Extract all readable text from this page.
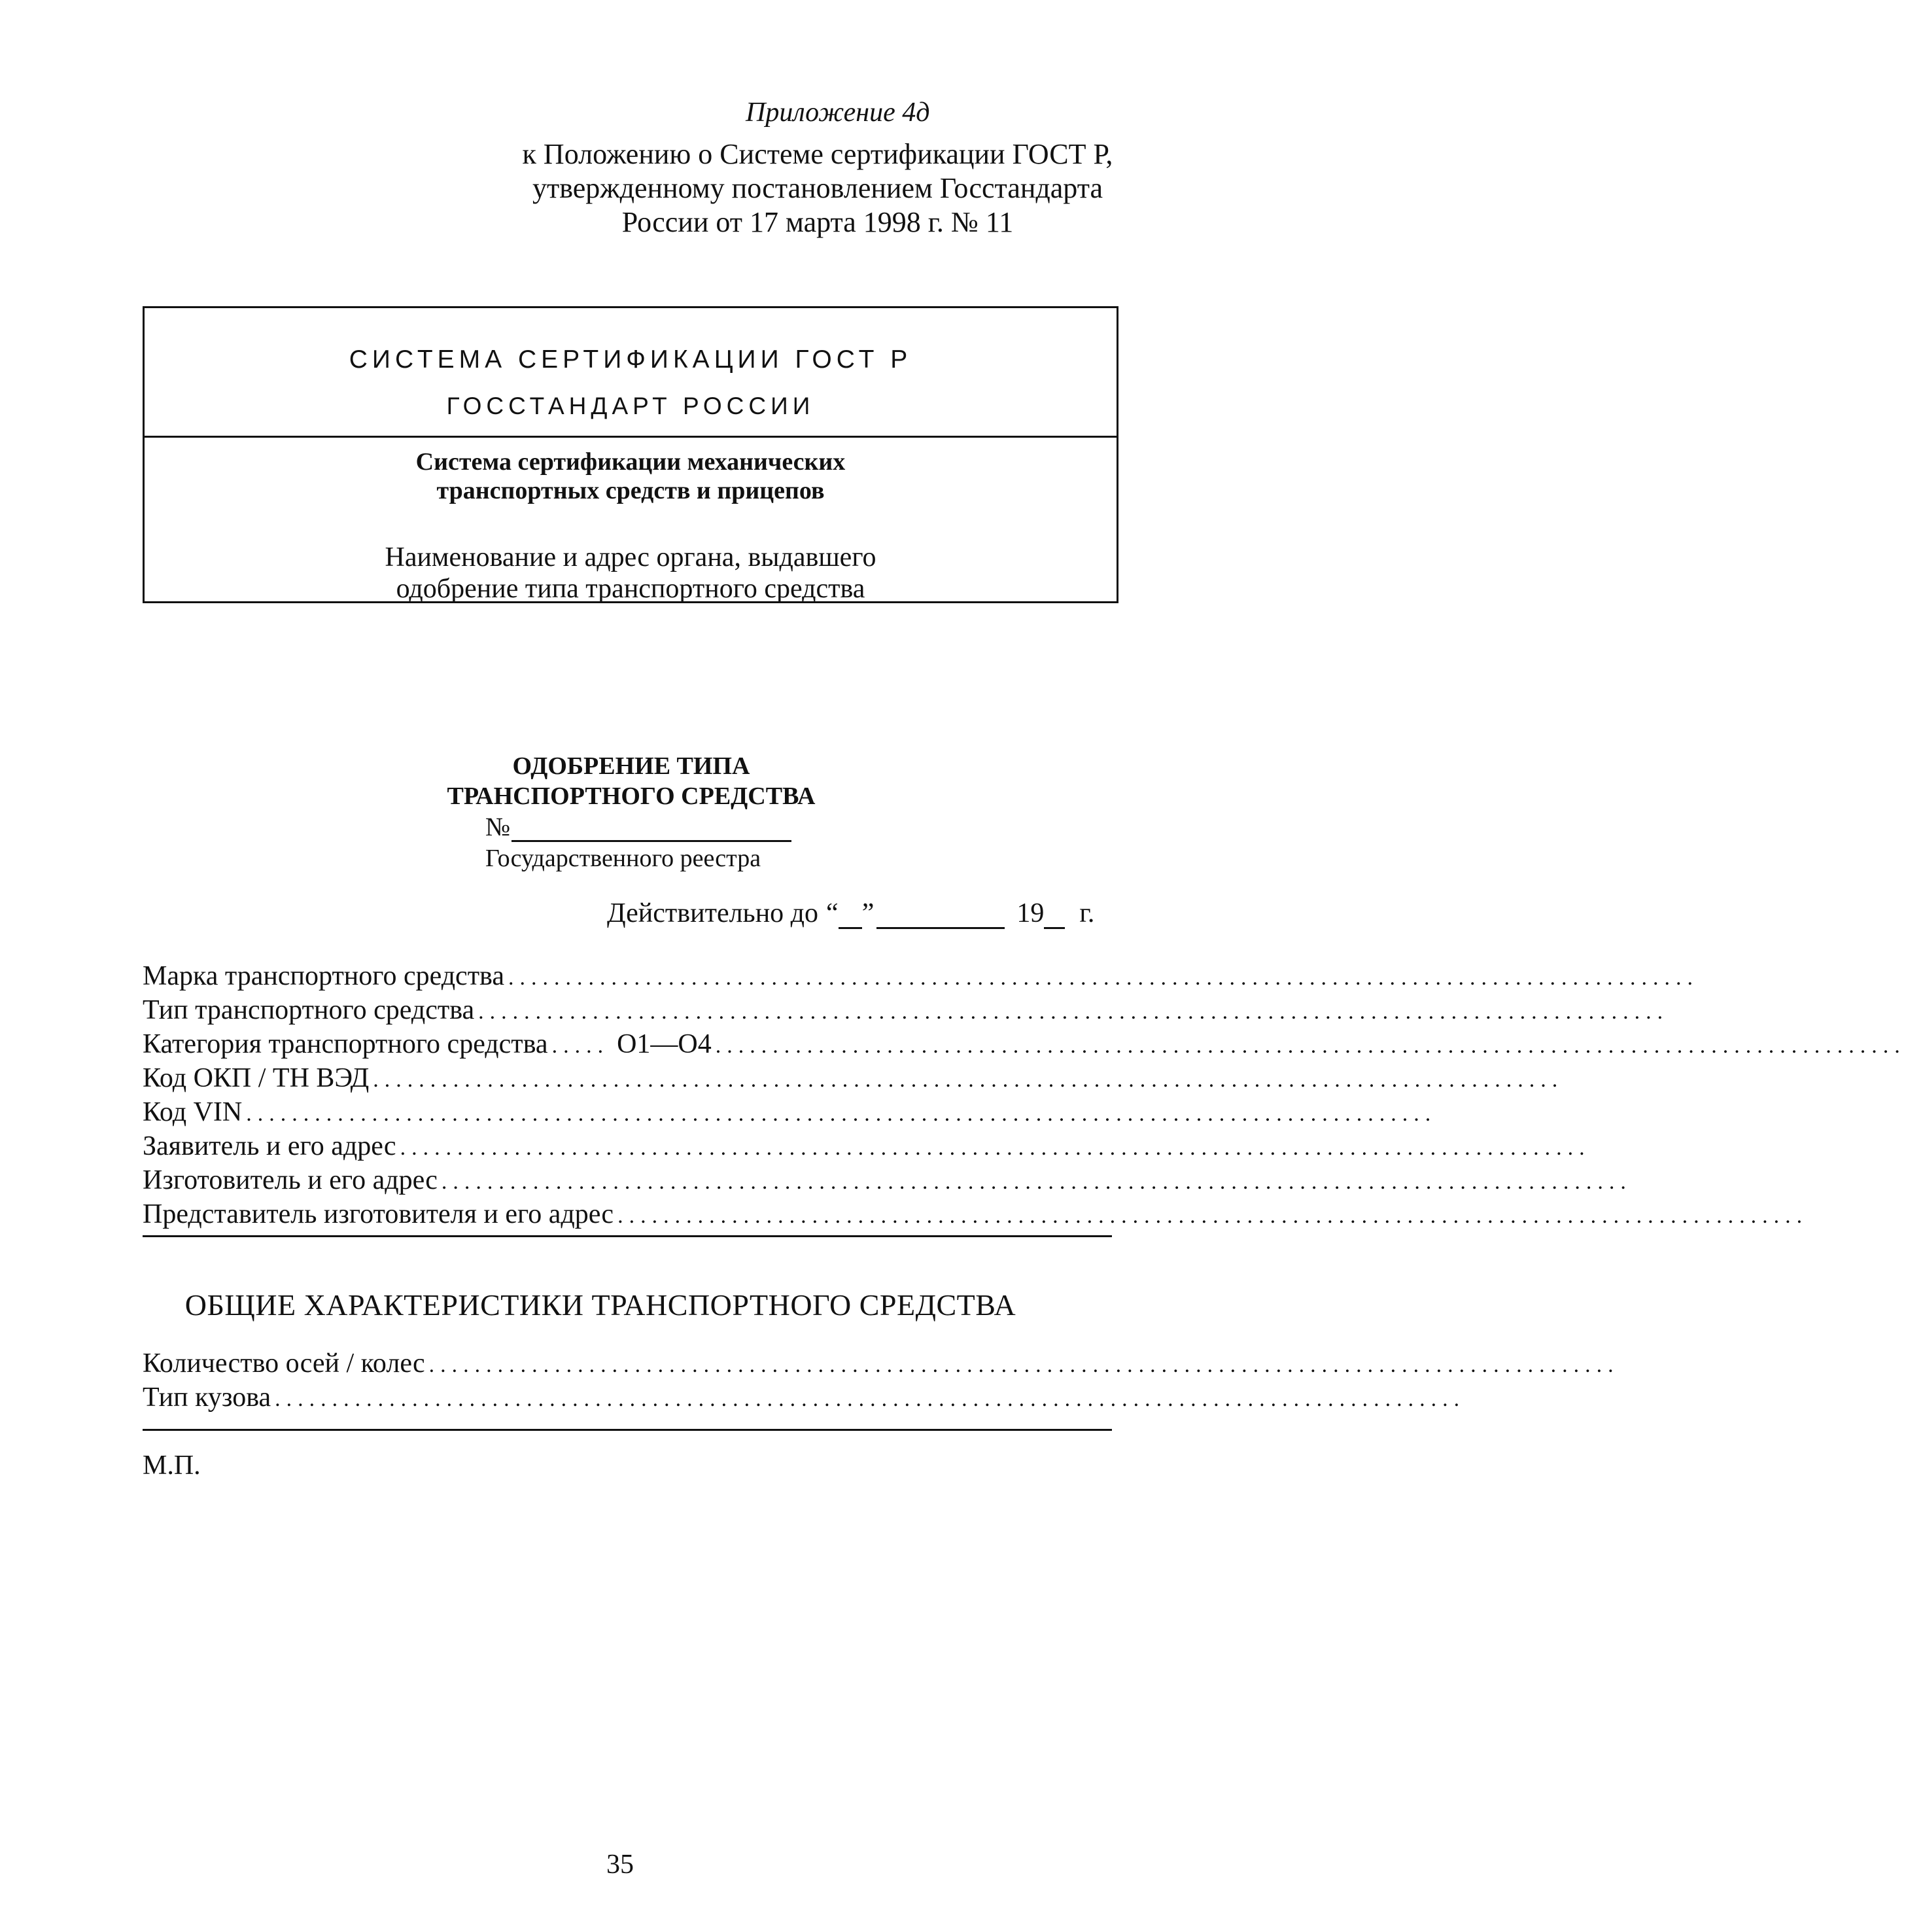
Приложение 4д
к Положению о Системе сертификации ГОСТ Р,
утвержденному постановлением Госстандарта
России от 17 марта 1998 г. № 11
СИСТЕМА СЕРТИФИКАЦИИ ГОСТ Р
ГОССТАНДАРТ РОССИИ
Система сертификации механических
транспортных средств и прицепов
Наименование и адрес органа, выдавшего
одобрение типа транспортного средства
ОДОБРЕНИЕ ТИПА
ТРАНСПОРТНОГО СРЕДСТВА
№
Государственного реестра
Действительно до “ ”	19 г.
Марка транспортного средства ........................................................................................................
Тип транспортного средства ........................................................................................................
Категория транспортного средства ..... O1—O4 ........................................................................................................
Код ОКП / ТН ВЭД ........................................................................................................
Код VIN ........................................................................................................
Заявитель и его адрес ........................................................................................................
Изготовитель и его адрес ........................................................................................................
Представитель изготовителя и его адрес ........................................................................................................
ОБЩИЕ ХАРАКТЕРИСТИКИ ТРАНСПОРТНОГО СРЕДСТВА
Количество осей / колес ........................................................................................................
Тип кузова ........................................................................................................
М.П.
35
